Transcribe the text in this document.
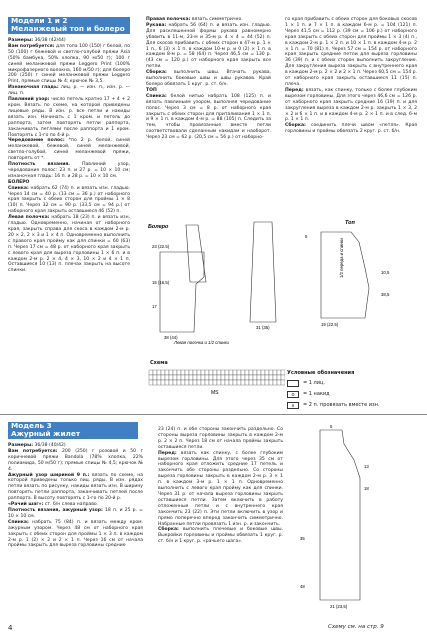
Модели 1 и 2
Меланжевый топ и болеро

Размеры: 36/38 (42/44)

Вам потребуется: для топа 100 (150) г белой, по 50 (100) г бежевой и светло-голубой пряжи Asia (50% бамбука, 50% хлопка, 90 м/50 г); 100 г синей меланжевой пряжи Leggero Print (100% микрофазерного волокна, 160 м/50 г); для болеро 200 (250) г синей меланжевой пряжи Leggero Print, прямые спицы № 4; крючок № 3,5.

Изнаночная гладь: лиц. р. — изн. п., изн. р. — лиц. п.

Павлиний узор: число петель кратно 17 + 4 + 2 кром. Вязать по схеме, на которой приведены лицевые ряды. В изн. р. все петли и накиды вязать изн. Начинать с 1 кром. и петель до раппорта, затем повторять петли раппорта, заканчивать петлями после раппорта и 1 кром. Повторять с 1-го по 4-й р.

Чередование полос: *по 2 р. белой, синей меланжевой, бежевой, синей меланжевой, светло-голубой, синей меланжевой пряжи, повторять от *.

Плотность вязания. Павлиний узор, чередование полос: 23 п. и 27 р. = 10 × 10 см; изнаночная гладь: 16 п. и 28 р. = 10 × 10 см.

БОЛЕРО

Спинка: набрать 62 (74) п. и вязать изн. гладью. Через 14 см = 40 р. (13 см = 36 р.) от наборного края закрыть с обеих сторон для проймы 1 × 8 (10) п. Через 32 см = 90 р. (33,5 см = 94 р.) от наборного края закрыть оставшиеся 46 (52) п.

Левая полочка: набрать 18 (23) п. и вязать изн. гладью. Одновременно, начиная от наборного края, закрыть справа для скоса в каждом 2-м р. 20 × 2, 2 × 3 и 1 × 4 п. Одновременно выполнить с правого края пройму как для спинки = 60 (63) п. Через 17 см = 48 р. от наборного края закрыть с левого края для выреза горловины 1 × 6 п. и в каждом 2-м р. 2 × 4, 4 × 3, 10 × 2 и 4 × 1 п. Оставшиеся 10 (13) п. плечах закрыть на высоте спинки.

Правая полочка: вязать симметрично.

Рукава: набрать 56 (64) п. и вязать изн. гладью. Для расклешенной формы рукава равномерно убавить в 11-м, 23-м и 35-м р. 4 × 4 = 44 (52) п. Для скосов прибавить с обеих сторон в 47-м р. 1 × 1 п., 6 (3) × 1 п. в каждом 10-м р. и 0 (2) × 1 п. в каждом 8-м р. = 58 (64) п. Через 46,5 см = 130 р. (43 см = 120 р.) от наборного края закрыть все петли.

Сборка: выполнить швы. Втачать рукава, выполнить боковые швы и швы рукавов. Край болеро обвязать 1 круг. р. ст. б/н.

ТОП

Спинка: белой нитью набрать 108 (125) п. и вязать павлиньим узором, выполняя чередование полос. Через 3 см = 8 р. от наборного края закрыть с обеих сторон для приталивания 1 × 1 п. и 9 × 1 п. в каждом 4-м р. = 88 (105) п. Следить за тем, чтобы провязанные вместе петли соответствовали сделанным накидам и наоборот. Через 23 см = 62 р. (20,5 см = 56 р.) от наборно-

го края прибавить с обеих сторон для боковых скосов 1 × 1 п. и 7 × 1 п. в каждом 6-м р. = 104 (121) п. Через 41,5 см = 112 р. (39 см = 106 р.) от наборного края закрыть с обеих сторон для проймы 1 × 3 (4) п., в каждом 2-м р. 1 × 2 п. и 10 × 1 п. в каждом 4-м р. 2 × 1 п. = 70 (81) п. Через 57 см = 154 р. от наборного края закрыть средние петли для выреза горловины 36 (39) п. и с обеих сторон выполнить закругление. Для закругления выреза закрыть с внутреннего края в каждом 2-м р. 2 × 2 и 2 × 1 п. Через 60,5 см = 154 р. от наборного края закрыть оставшиеся 11 (15) п. плеча.

Перед: вязать, как спинку, только с более глубоким вырезом горловины. Для этого через 46,6 см = 126 р. от наборного края закрыть средние 16 (19) п. и для закругления выреза в каждом 2-м р. закрыть 1 × 3, 2 × 2 и 6 × 1 п. и в каждом 4-м р. 2 × 1 п. и в след. 6-м р. 1 × 1 п.

Сборка: соединить плечи швом «петля». Края горловины и проймы обвязать 2 круг. р. ст. б/н.

Болеро
23 (22.5)
15 (16,5)
17
38 (44)
Левая полочка и 1/2 спинки
31 (35)
Топ
5
10,5
38,5
19 (22.5)
1/2 переда и спинки
Схема
MS
Условные обозначения
= 1 лиц.
o	= 1 накид
∧	= 2 п. провязать вместе изн.
Модель 3
Ажурный жилет

Размеры: 36/38 (40/42)

Вам потребуется: 200 (250) г розовой и 50 г коричневой пряжи Bandola (78% хлопка, 22% полиамида, 50 м/50 г); прямые спицы № 4,5; крючок № 4.

Ажурный узор шириной 9 п.: вязать по схеме, на которой приведены только лиц. ряды. В изн. рядах петли вязать по рисунку, накиды вязать изн. В ширину повторять петли раппорта, заканчивать петлей после раппорта. В высоту повторять с 1-го по 20-й р.

«Рачий шаг»: ст. б/н слева направо.

Плотность вязания, ажурный узор: 18 п. и 25 р. = 10 × 10 см.

Спинка: набрать 75 (84) п. и вязать между кром. ажурным узором. Через 48 см от наборного края закрыть с обеих сторон для проймы 1 × 3 п. в каждом 2-м р. 1 (2) × 2 и 2 × 1 п. Через 16 см от начала проймы закрыть для выреза горловины средние

23 (24) п. и обе стороны закончить раздельно. Со стороны выреза горловины закрыть в каждом 2-м р. 2 × 2 п. Через 18 см от начала проймы закрыть оставшиеся петли.

Перед: вязать как спинку, с более глубоким вырезом горловины. Для этого через 35 см от наборного края отложить средние 17 петель и закончить обе стороны раздельно. Со стороны выреза горловины закрыть в каждом 2-м р. 3 × 1 п. в каждом 3-м р. 1 × 1 п. Одновременно выполнить с левого края пройму как для спинки. Через 31 р. от начала выреза горловины закрыть оставшиеся петли. Затем включить в работу отложенные петли и с внутреннего края закончить 23 (22) п. Эти петли включить в узор и прямо поперечно вперед закончить симметрично. Набранные петли провязать 1 изн. р. и закончить.

Сборка: выполнить плечевые и боковые швы. Выкройки горловины и проймы обвязать 1 круг. р. ст. б/н и 1 круг. р. «рачьего шага».

5
13
18
35
48
21 (23,5)
4	Схему см. на стр. 9
